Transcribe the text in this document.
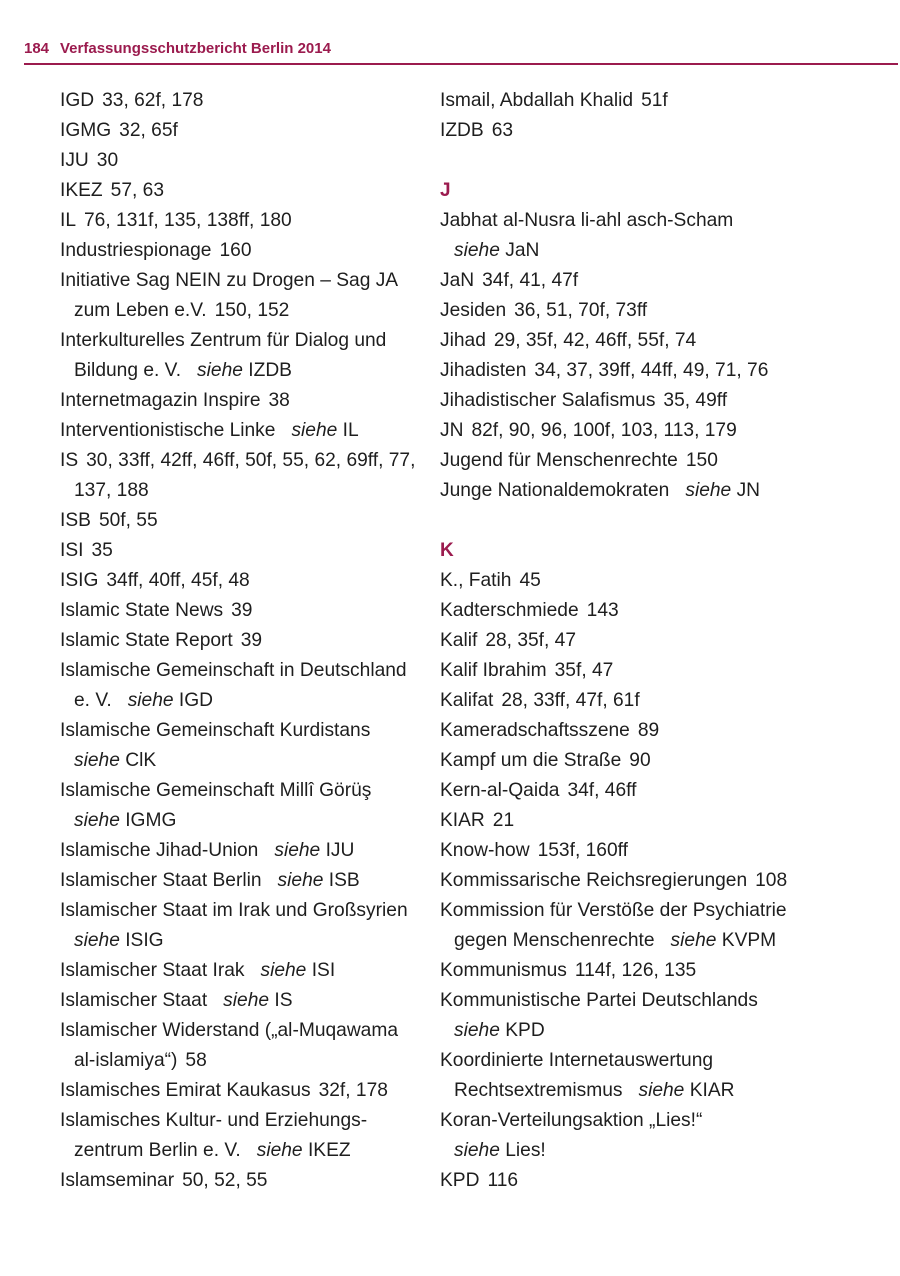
184 Verfassungsschutzbericht Berlin 2014
IGD 33, 62f, 178
IGMG 32, 65f
IJU 30
IKEZ 57, 63
IL 76, 131f, 135, 138ff, 180
Industriespionage 160
Initiative Sag NEIN zu Drogen – Sag JA
zum Leben e.V. 150, 152
Interkulturelles Zentrum für Dialog und
Bildung e. V. siehe IZDB
Internetmagazin Inspire 38
Interventionistische Linke siehe IL
IS 30, 33ff, 42ff, 46ff, 50f, 55, 62, 69ff, 77,
137, 188
ISB 50f, 55
ISI 35
ISIG 34ff, 40ff, 45f, 48
Islamic State News 39
Islamic State Report 39
Islamische Gemeinschaft in Deutschland
e. V. siehe IGD
Islamische Gemeinschaft Kurdistans
siehe ClK
Islamische Gemeinschaft Millî Görüş
siehe IGMG
Islamische Jihad-Union siehe IJU
Islamischer Staat Berlin siehe ISB
Islamischer Staat im Irak und Großsyrien
siehe ISIG
Islamischer Staat Irak siehe ISI
Islamischer Staat siehe IS
Islamischer Widerstand („al-Muqawama
al-islamiya“) 58
Islamisches Emirat Kaukasus 32f, 178
Islamisches Kultur- und Erziehungs-
zentrum Berlin e. V. siehe IKEZ
Islamseminar 50, 52, 55
Ismail, Abdallah Khalid 51f
IZDB 63
J
Jabhat al-Nusra li-ahl asch-Scham
siehe JaN
JaN 34f, 41, 47f
Jesiden 36, 51, 70f, 73ff
Jihad 29, 35f, 42, 46ff, 55f, 74
Jihadisten 34, 37, 39ff, 44ff, 49, 71, 76
Jihadistischer Salafismus 35, 49ff
JN 82f, 90, 96, 100f, 103, 113, 179
Jugend für Menschenrechte 150
Junge Nationaldemokraten siehe JN
K
K., Fatih 45
Kadterschmiede 143
Kalif 28, 35f, 47
Kalif Ibrahim 35f, 47
Kalifat 28, 33ff, 47f, 61f
Kameradschaftsszene 89
Kampf um die Straße 90
Kern-al-Qaida 34f, 46ff
KIAR 21
Know-how 153f, 160ff
Kommissarische Reichsregierungen 108
Kommission für Verstöße der Psychiatrie
gegen Menschenrechte siehe KVPM
Kommunismus 114f, 126, 135
Kommunistische Partei Deutschlands
siehe KPD
Koordinierte Internetauswertung
Rechtsextremismus siehe KIAR
Koran-Verteilungsaktion „Lies!“
siehe Lies!
KPD 116
